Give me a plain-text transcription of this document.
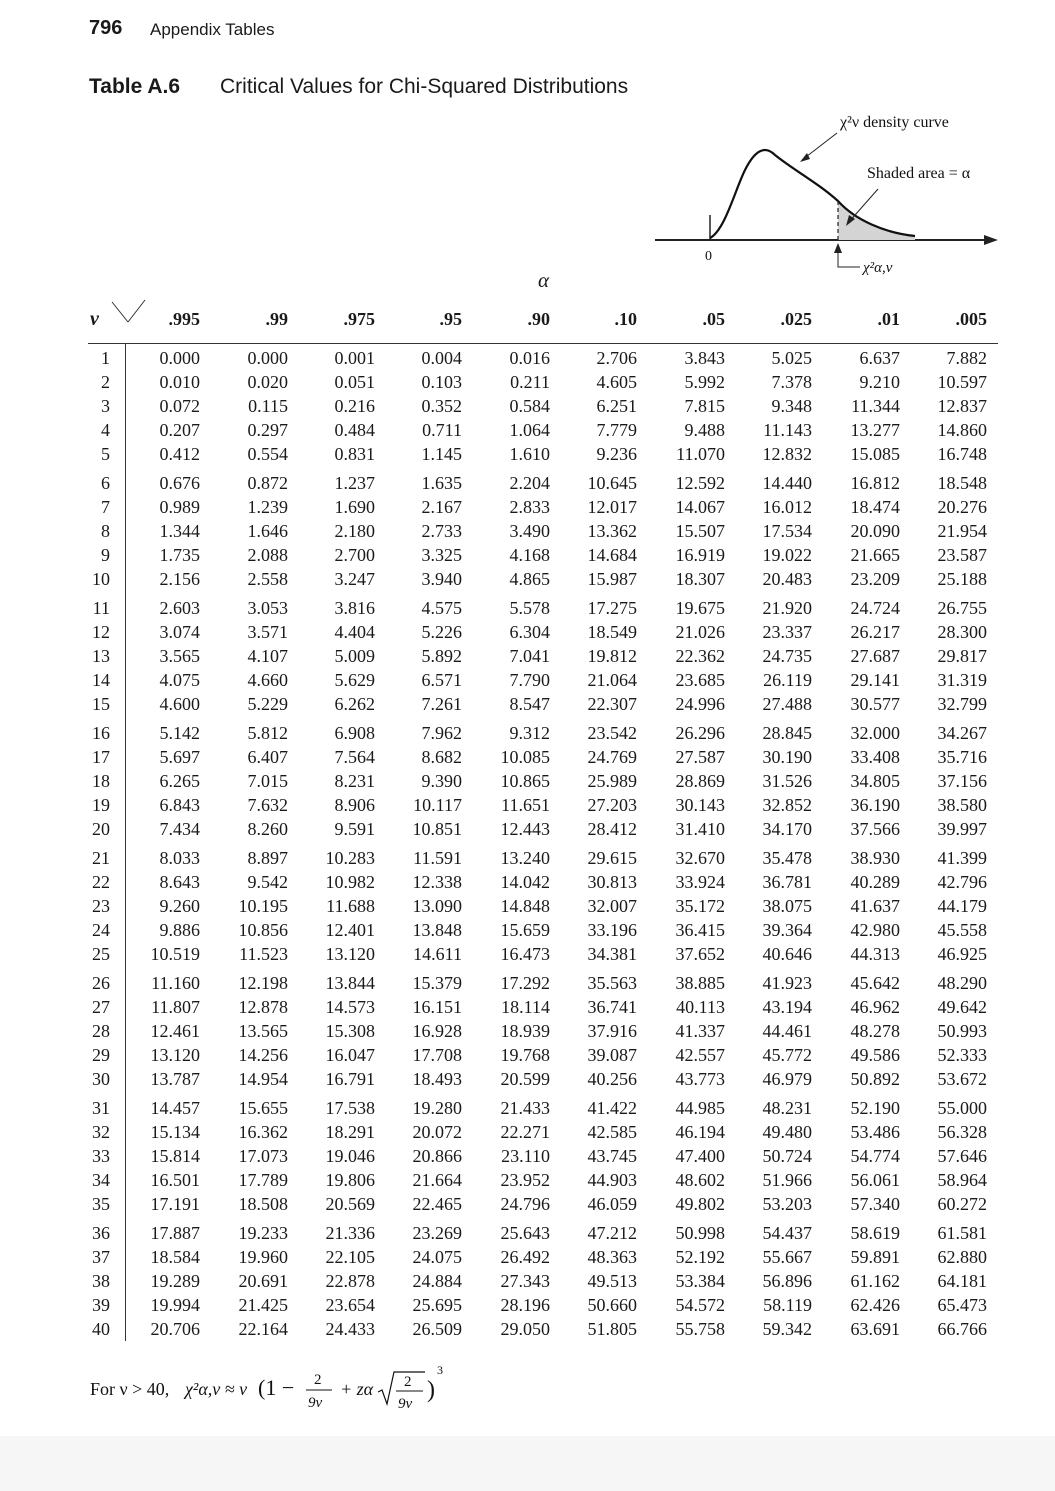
796 Appendix Tables
Table A.6 Critical Values for Chi-Squared Distributions
χ²ν density curve
Shaded area = α
0
χ²α,ν
α
ν	.995	.99	.975	.95	.90	.10	.05	.025	.01	.005
1	0.000	0.000	0.001	0.004	0.016	2.706	3.843	5.025	6.637	7.882
2	0.010	0.020	0.051	0.103	0.211	4.605	5.992	7.378	9.210	10.597
3	0.072	0.115	0.216	0.352	0.584	6.251	7.815	9.348	11.344	12.837
4	0.207	0.297	0.484	0.711	1.064	7.779	9.488	11.143	13.277	14.860
5	0.412	0.554	0.831	1.145	1.610	9.236	11.070	12.832	15.085	16.748
6	0.676	0.872	1.237	1.635	2.204	10.645	12.592	14.440	16.812	18.548
7	0.989	1.239	1.690	2.167	2.833	12.017	14.067	16.012	18.474	20.276
8	1.344	1.646	2.180	2.733	3.490	13.362	15.507	17.534	20.090	21.954
9	1.735	2.088	2.700	3.325	4.168	14.684	16.919	19.022	21.665	23.587
10	2.156	2.558	3.247	3.940	4.865	15.987	18.307	20.483	23.209	25.188
11	2.603	3.053	3.816	4.575	5.578	17.275	19.675	21.920	24.724	26.755
12	3.074	3.571	4.404	5.226	6.304	18.549	21.026	23.337	26.217	28.300
13	3.565	4.107	5.009	5.892	7.041	19.812	22.362	24.735	27.687	29.817
14	4.075	4.660	5.629	6.571	7.790	21.064	23.685	26.119	29.141	31.319
15	4.600	5.229	6.262	7.261	8.547	22.307	24.996	27.488	30.577	32.799
16	5.142	5.812	6.908	7.962	9.312	23.542	26.296	28.845	32.000	34.267
17	5.697	6.407	7.564	8.682	10.085	24.769	27.587	30.190	33.408	35.716
18	6.265	7.015	8.231	9.390	10.865	25.989	28.869	31.526	34.805	37.156
19	6.843	7.632	8.906	10.117	11.651	27.203	30.143	32.852	36.190	38.580
20	7.434	8.260	9.591	10.851	12.443	28.412	31.410	34.170	37.566	39.997
21	8.033	8.897	10.283	11.591	13.240	29.615	32.670	35.478	38.930	41.399
22	8.643	9.542	10.982	12.338	14.042	30.813	33.924	36.781	40.289	42.796
23	9.260	10.195	11.688	13.090	14.848	32.007	35.172	38.075	41.637	44.179
24	9.886	10.856	12.401	13.848	15.659	33.196	36.415	39.364	42.980	45.558
25	10.519	11.523	13.120	14.611	16.473	34.381	37.652	40.646	44.313	46.925
26	11.160	12.198	13.844	15.379	17.292	35.563	38.885	41.923	45.642	48.290
27	11.807	12.878	14.573	16.151	18.114	36.741	40.113	43.194	46.962	49.642
28	12.461	13.565	15.308	16.928	18.939	37.916	41.337	44.461	48.278	50.993
29	13.120	14.256	16.047	17.708	19.768	39.087	42.557	45.772	49.586	52.333
30	13.787	14.954	16.791	18.493	20.599	40.256	43.773	46.979	50.892	53.672
31	14.457	15.655	17.538	19.280	21.433	41.422	44.985	48.231	52.190	55.000
32	15.134	16.362	18.291	20.072	22.271	42.585	46.194	49.480	53.486	56.328
33	15.814	17.073	19.046	20.866	23.110	43.745	47.400	50.724	54.774	57.646
34	16.501	17.789	19.806	21.664	23.952	44.903	48.602	51.966	56.061	58.964
35	17.191	18.508	20.569	22.465	24.796	46.059	49.802	53.203	57.340	60.272
36	17.887	19.233	21.336	23.269	25.643	47.212	50.998	54.437	58.619	61.581
37	18.584	19.960	22.105	24.075	26.492	48.363	52.192	55.667	59.891	62.880
38	19.289	20.691	22.878	24.884	27.343	49.513	53.384	56.896	61.162	64.181
39	19.994	21.425	23.654	25.695	28.196	50.660	54.572	58.119	62.426	65.473
40	20.706	22.164	24.433	26.509	29.050	51.805	55.758	59.342	63.691	66.766
For ν > 40, χ²α,ν ≈ ν (1 − 2
9ν
+ zα 2
9ν
)
3
